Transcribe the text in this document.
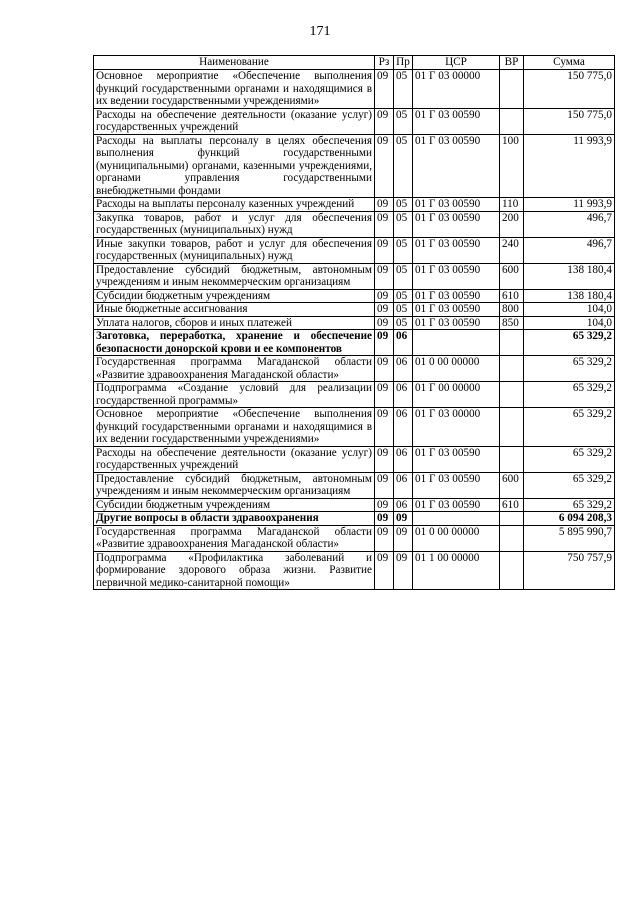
171
Наименование	Рз	Пр	ЦСР	ВР	Сумма
Основное мероприятие «Обеспечение выполнения функций государственными органами и находящимися в их ведении государственными учреждениями»	09	05	01 Г 03 00000		150 775,0
Расходы на обеспечение деятельности (оказание услуг) государственных учреждений	09	05	01 Г 03 00590		150 775,0
Расходы на выплаты персоналу в целях обеспечения выполнения функций государственными (муниципальными) органами, казенными учреждениями, органами управления государственными внебюджетными фондами	09	05	01 Г 03 00590	100	11 993,9
Расходы на выплаты персоналу казенных учреждений	09	05	01 Г 03 00590	110	11 993,9
Закупка товаров, работ и услуг для обеспечения государственных (муниципальных) нужд	09	05	01 Г 03 00590	200	496,7
Иные закупки товаров, работ и услуг для обеспечения государственных (муниципальных) нужд	09	05	01 Г 03 00590	240	496,7
Предоставление субсидий бюджетным, автономным учреждениям и иным некоммерческим организациям	09	05	01 Г 03 00590	600	138 180,4
Субсидии бюджетным учреждениям	09	05	01 Г 03 00590	610	138 180,4
Иные бюджетные ассигнования	09	05	01 Г 03 00590	800	104,0
Уплата налогов, сборов и иных платежей	09	05	01 Г 03 00590	850	104,0
Заготовка, переработка, хранение и обеспечение безопасности донорской крови и ее компонентов	09	06			65 329,2
Государственная программа Магаданской области «Развитие здравоохранения Магаданской области»	09	06	01 0 00 00000		65 329,2
Подпрограмма «Создание условий для реализации государственной программы»	09	06	01 Г 00 00000		65 329,2
Основное мероприятие «Обеспечение выполнения функций государственными органами и находящимися в их ведении государственными учреждениями»	09	06	01 Г 03 00000		65 329,2
Расходы на обеспечение деятельности (оказание услуг) государственных учреждений	09	06	01 Г 03 00590		65 329,2
Предоставление субсидий бюджетным, автономным учреждениям и иным некоммерческим организациям	09	06	01 Г 03 00590	600	65 329,2
Субсидии бюджетным учреждениям	09	06	01 Г 03 00590	610	65 329,2
Другие вопросы в области здравоохранения	09	09			6 094 208,3
Государственная программа Магаданской области «Развитие здравоохранения Магаданской области»	09	09	01 0 00 00000		5 895 990,7
Подпрограмма «Профилактика заболеваний и формирование здорового образа жизни. Развитие первичной медико-санитарной помощи»	09	09	01 1 00 00000		750 757,9
